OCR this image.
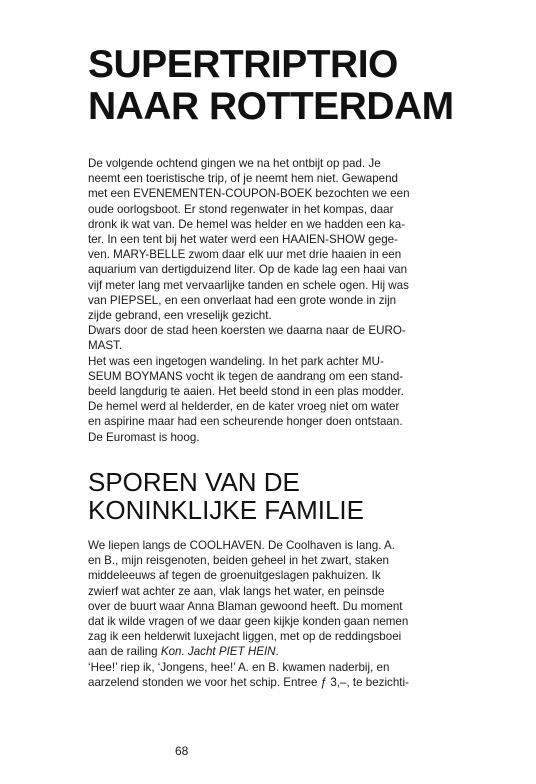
SUPERTRIPTRIO
NAAR ROTTERDAM
De volgende ochtend gingen we na het ontbijt op pad. Je
neemt een toeristische trip, of je neemt hem niet. Gewapend
met een EVENEMENTEN-COUPON-BOEK bezochten we een
oude oorlogsboot. Er stond regenwater in het kompas, daar
dronk ik wat van. De hemel was helder en we hadden een ka-
ter. In een tent bij het water werd een HAAIEN-SHOW gege-
ven. MARY-BELLE zwom daar elk uur met drie haaien in een
aquarium van dertigduizend liter. Op de kade lag een haai van
vijf meter lang met vervaarlijke tanden en schele ogen. Hij was
van PIEPSEL, en een onverlaat had een grote wonde in zijn
zijde gebrand, een vreselijk gezicht.
Dwars door de stad heen koersten we daarna naar de EURO-
MAST.
Het was een ingetogen wandeling. In het park achter MU-
SEUM BOYMANS vocht ik tegen de aandrang om een stand-
beeld langdurig te aaien. Het beeld stond in een plas modder.
De hemel werd al helderder, en de kater vroeg niet om water
en aspirine maar had een scheurende honger doen ontstaan.
De Euromast is hoog.
SPOREN VAN DE
KONINKLIJKE FAMILIE
We liepen langs de COOLHAVEN. De Coolhaven is lang. A.
en B., mijn reisgenoten, beiden geheel in het zwart, staken
middeleeuws af tegen de groenuitgeslagen pakhuizen. Ik
zwierf wat achter ze aan, vlak langs het water, en peinsde
over de buurt waar Anna Blaman gewoond heeft. Du moment
dat ik wilde vragen of we daar geen kijkje konden gaan nemen
zag ik een helderwit luxejacht liggen, met op de reddingsboei
aan de railing Kon. Jacht PIET HEIN.
‘Hee!’ riep ik, ‘Jongens, hee!’ A. en B. kwamen naderbij, en
aarzelend stonden we voor het schip. Entree ƒ 3,–, te bezichti-
68
